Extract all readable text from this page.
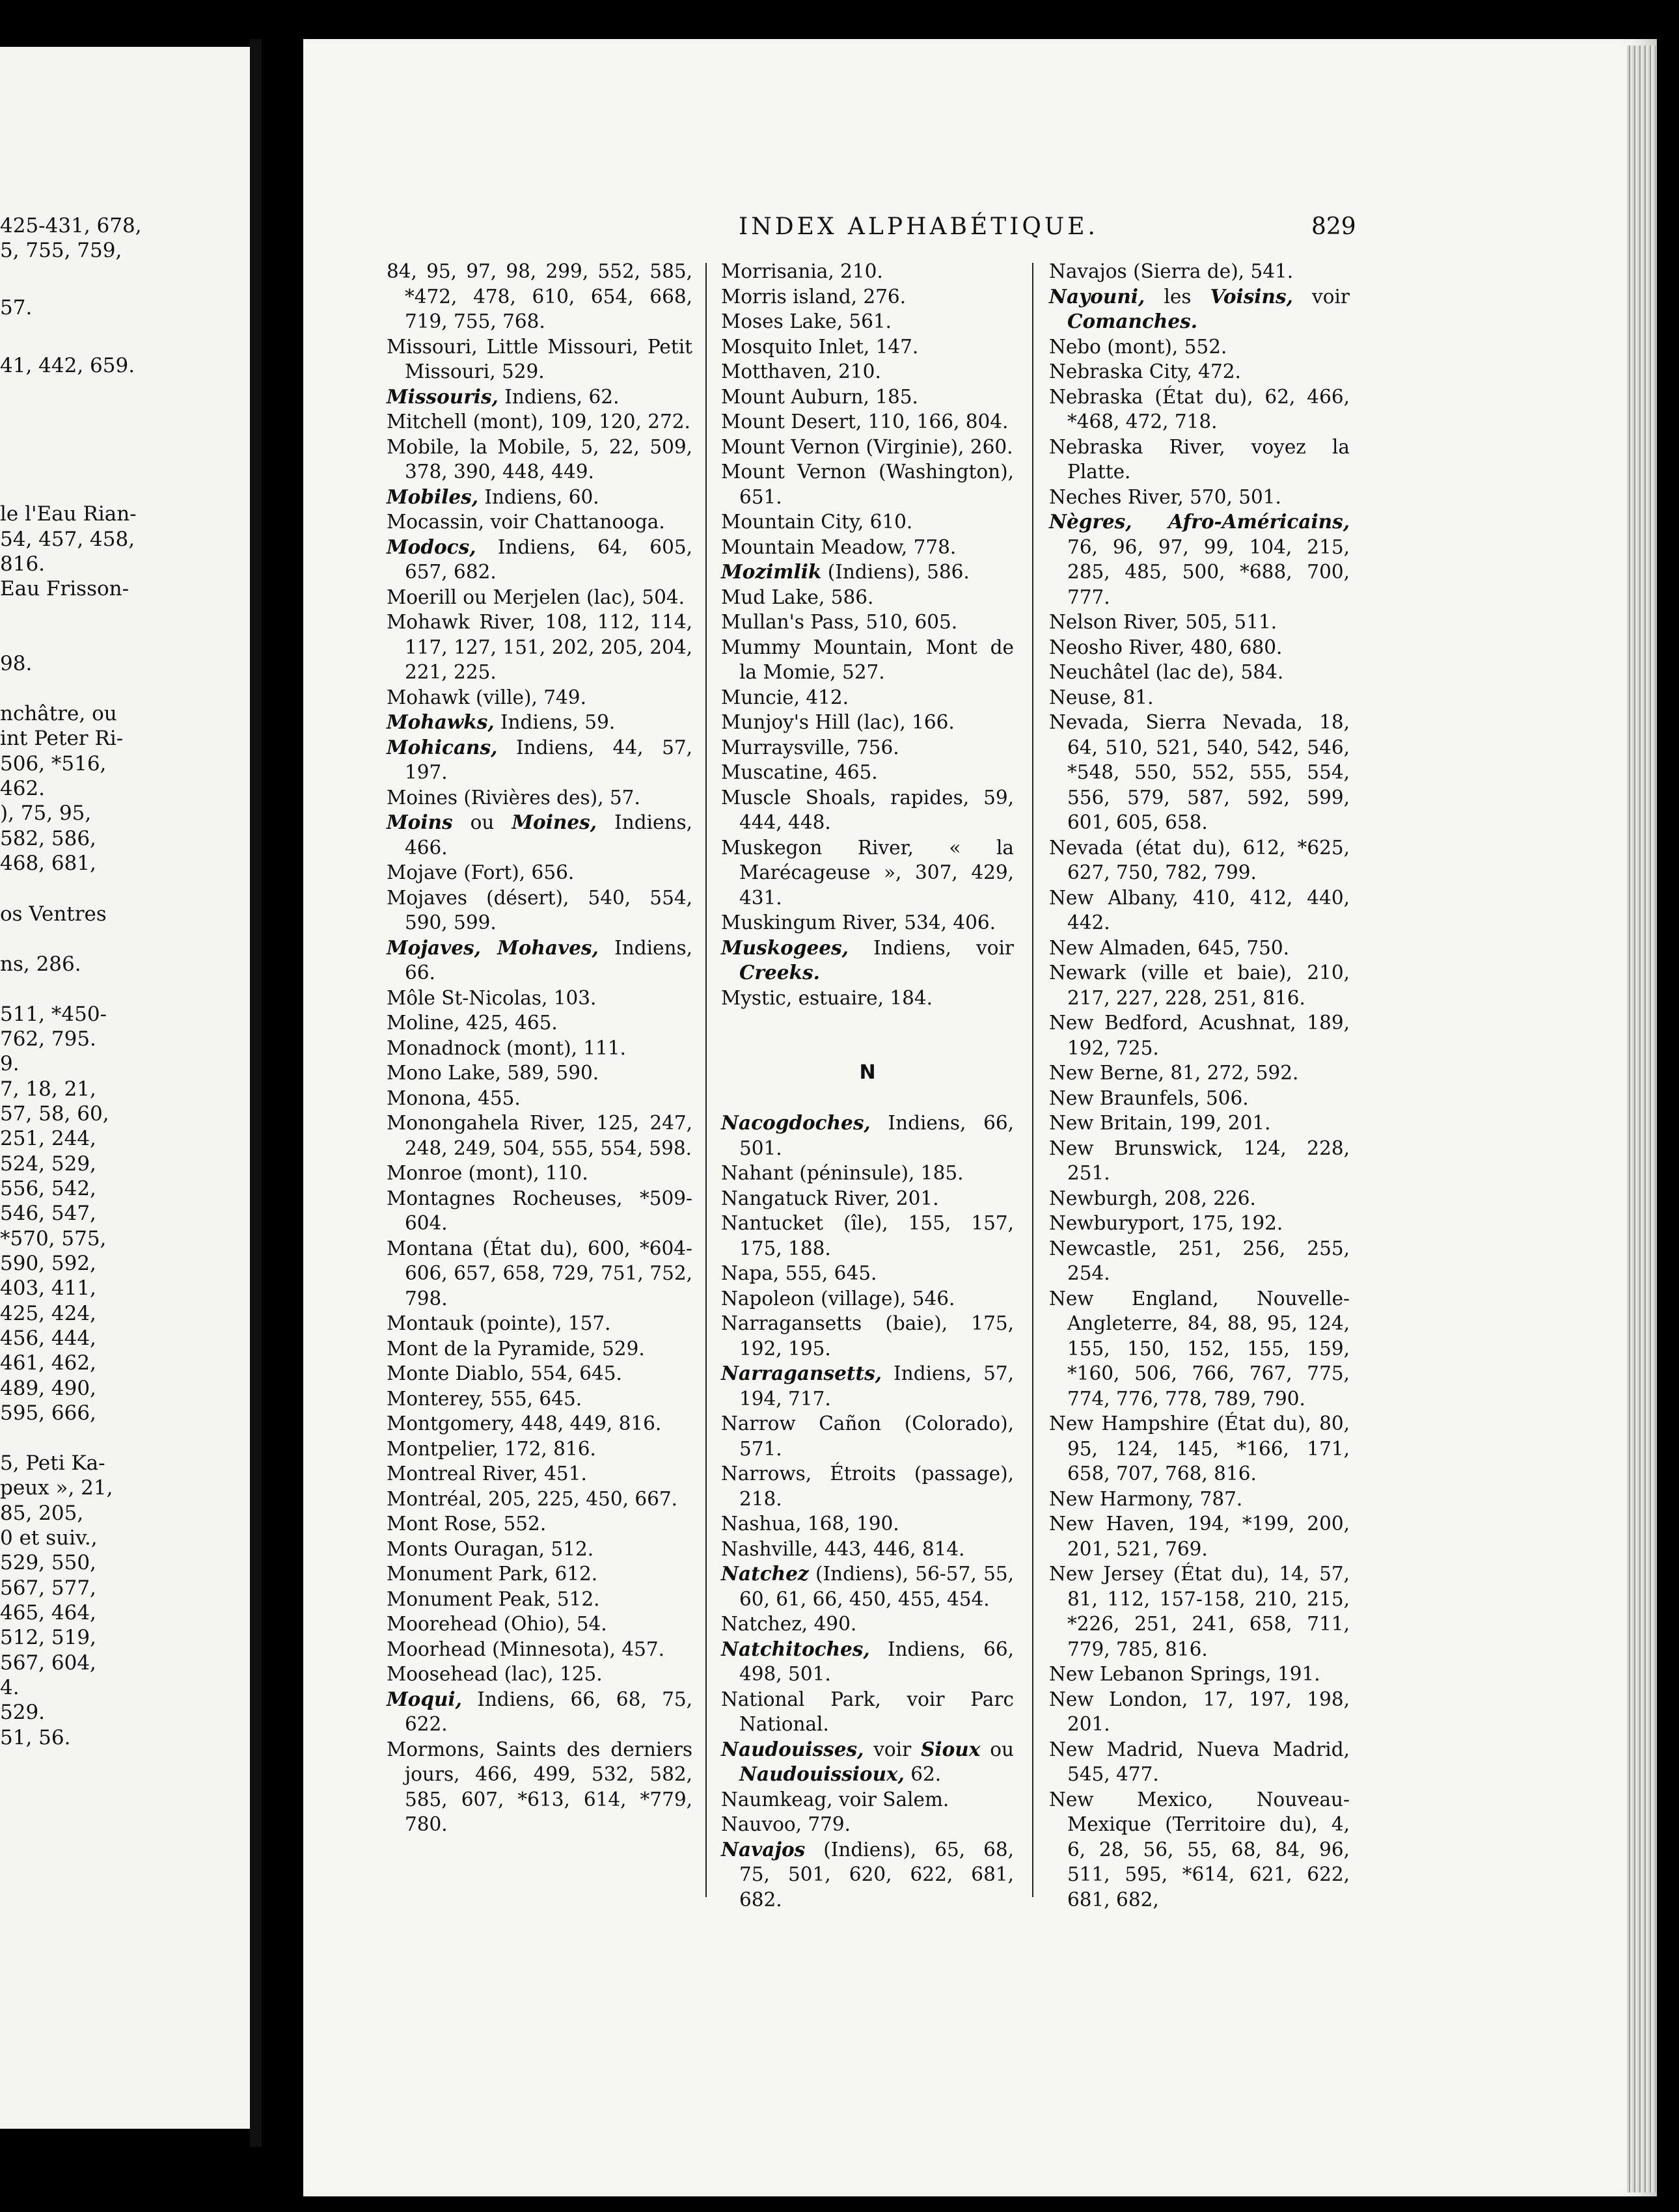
425-431, 678,
5, 755, 759,
57.
41, 442, 659.
le l'Eau Rian-
54, 457, 458,
816.
Eau Frisson-
98.
nchâtre, ou
int Peter Ri-
506, *516,
462.
), 75, 95,
582, 586,
468, 681,
os Ventres
ns, 286.
511, *450-
762, 795.
9.
7, 18, 21,
57, 58, 60,
251, 244,
524, 529,
556, 542,
546, 547,
*570, 575,
590, 592,
403, 411,
425, 424,
456, 444,
461, 462,
489, 490,
595, 666,
5, Peti Ka-
peux », 21,
85, 205,
0 et suiv.,
529, 550,
567, 577,
465, 464,
512, 519,
567, 604,
4.
529.
51, 56.
INDEX ALPHABÉTIQUE.	829
84, 95, 97, 98, 299, 552, 585, *472, 478, 610, 654, 668, 719, 755, 768.
Missouri, Little Missouri, Petit Missouri, 529.
Missouris, Indiens, 62.
Mitchell (mont), 109, 120, 272.
Mobile, la Mobile, 5, 22, 509, 378, 390, 448, 449.
Mobiles, Indiens, 60.
Mocassin, voir Chattanooga.
Modocs, Indiens, 64, 605, 657, 682.
Moerill ou Merjelen (lac), 504.
Mohawk River, 108, 112, 114, 117, 127, 151, 202, 205, 204, 221, 225.
Mohawk (ville), 749.
Mohawks, Indiens, 59.
Mohicans, Indiens, 44, 57, 197.
Moines (Rivières des), 57.
Moins ou Moines, Indiens, 466.
Mojave (Fort), 656.
Mojaves (désert), 540, 554, 590, 599.
Mojaves, Mohaves, Indiens, 66.
Môle St-Nicolas, 103.
Moline, 425, 465.
Monadnock (mont), 111.
Mono Lake, 589, 590.
Monona, 455.
Monongahela River, 125, 247, 248, 249, 504, 555, 554, 598.
Monroe (mont), 110.
Montagnes Rocheuses, *509-604.
Montana (État du), 600, *604-606, 657, 658, 729, 751, 752, 798.
Montauk (pointe), 157.
Mont de la Pyramide, 529.
Monte Diablo, 554, 645.
Monterey, 555, 645.
Montgomery, 448, 449, 816.
Montpelier, 172, 816.
Montreal River, 451.
Montréal, 205, 225, 450, 667.
Mont Rose, 552.
Monts Ouragan, 512.
Monument Park, 612.
Monument Peak, 512.
Moorehead (Ohio), 54.
Moorhead (Minnesota), 457.
Moosehead (lac), 125.
Moqui, Indiens, 66, 68, 75, 622.
Mormons, Saints des derniers jours, 466, 499, 532, 582, 585, 607, *613, 614, *779, 780.
Morrisania, 210.
Morris island, 276.
Moses Lake, 561.
Mosquito Inlet, 147.
Motthaven, 210.
Mount Auburn, 185.
Mount Desert, 110, 166, 804.
Mount Vernon (Virginie), 260.
Mount Vernon (Washington), 651.
Mountain City, 610.
Mountain Meadow, 778.
Mozimlik (Indiens), 586.
Mud Lake, 586.
Mullan's Pass, 510, 605.
Mummy Mountain, Mont de la Momie, 527.
Muncie, 412.
Munjoy's Hill (lac), 166.
Murraysville, 756.
Muscatine, 465.
Muscle Shoals, rapides, 59, 444, 448.
Muskegon River, « la Marécageuse », 307, 429, 431.
Muskingum River, 534, 406.
Muskogees, Indiens, voir Creeks.
Mystic, estuaire, 184.
N
Nacogdoches, Indiens, 66, 501.
Nahant (péninsule), 185.
Nangatuck River, 201.
Nantucket (île), 155, 157, 175, 188.
Napa, 555, 645.
Napoleon (village), 546.
Narragansetts (baie), 175, 192, 195.
Narragansetts, Indiens, 57, 194, 717.
Narrow Cañon (Colorado), 571.
Narrows, Étroits (passage), 218.
Nashua, 168, 190.
Nashville, 443, 446, 814.
Natchez (Indiens), 56-57, 55, 60, 61, 66, 450, 455, 454.
Natchez, 490.
Natchitoches, Indiens, 66, 498, 501.
National Park, voir Parc National.
Naudouisses, voir Sioux ou Naudouissioux, 62.
Naumkeag, voir Salem.
Nauvoo, 779.
Navajos (Indiens), 65, 68, 75, 501, 620, 622, 681, 682.
Navajos (Sierra de), 541.
Nayouni, les Voisins, voir Comanches.
Nebo (mont), 552.
Nebraska City, 472.
Nebraska (État du), 62, 466, *468, 472, 718.
Nebraska River, voyez la Platte.
Neches River, 570, 501.
Nègres, Afro-Américains, 76, 96, 97, 99, 104, 215, 285, 485, 500, *688, 700, 777.
Nelson River, 505, 511.
Neosho River, 480, 680.
Neuchâtel (lac de), 584.
Neuse, 81.
Nevada, Sierra Nevada, 18, 64, 510, 521, 540, 542, 546, *548, 550, 552, 555, 554, 556, 579, 587, 592, 599, 601, 605, 658.
Nevada (état du), 612, *625, 627, 750, 782, 799.
New Albany, 410, 412, 440, 442.
New Almaden, 645, 750.
Newark (ville et baie), 210, 217, 227, 228, 251, 816.
New Bedford, Acushnat, 189, 192, 725.
New Berne, 81, 272, 592.
New Braunfels, 506.
New Britain, 199, 201.
New Brunswick, 124, 228, 251.
Newburgh, 208, 226.
Newburyport, 175, 192.
Newcastle, 251, 256, 255, 254.
New England, Nouvelle-Angleterre, 84, 88, 95, 124, 155, 150, 152, 155, 159, *160, 506, 766, 767, 775, 774, 776, 778, 789, 790.
New Hampshire (État du), 80, 95, 124, 145, *166, 171, 658, 707, 768, 816.
New Harmony, 787.
New Haven, 194, *199, 200, 201, 521, 769.
New Jersey (État du), 14, 57, 81, 112, 157-158, 210, 215, *226, 251, 241, 658, 711, 779, 785, 816.
New Lebanon Springs, 191.
New London, 17, 197, 198, 201.
New Madrid, Nueva Madrid, 545, 477.
New Mexico, Nouveau-Mexique (Territoire du), 4, 6, 28, 56, 55, 68, 84, 96, 511, 595, *614, 621, 622, 681, 682,
